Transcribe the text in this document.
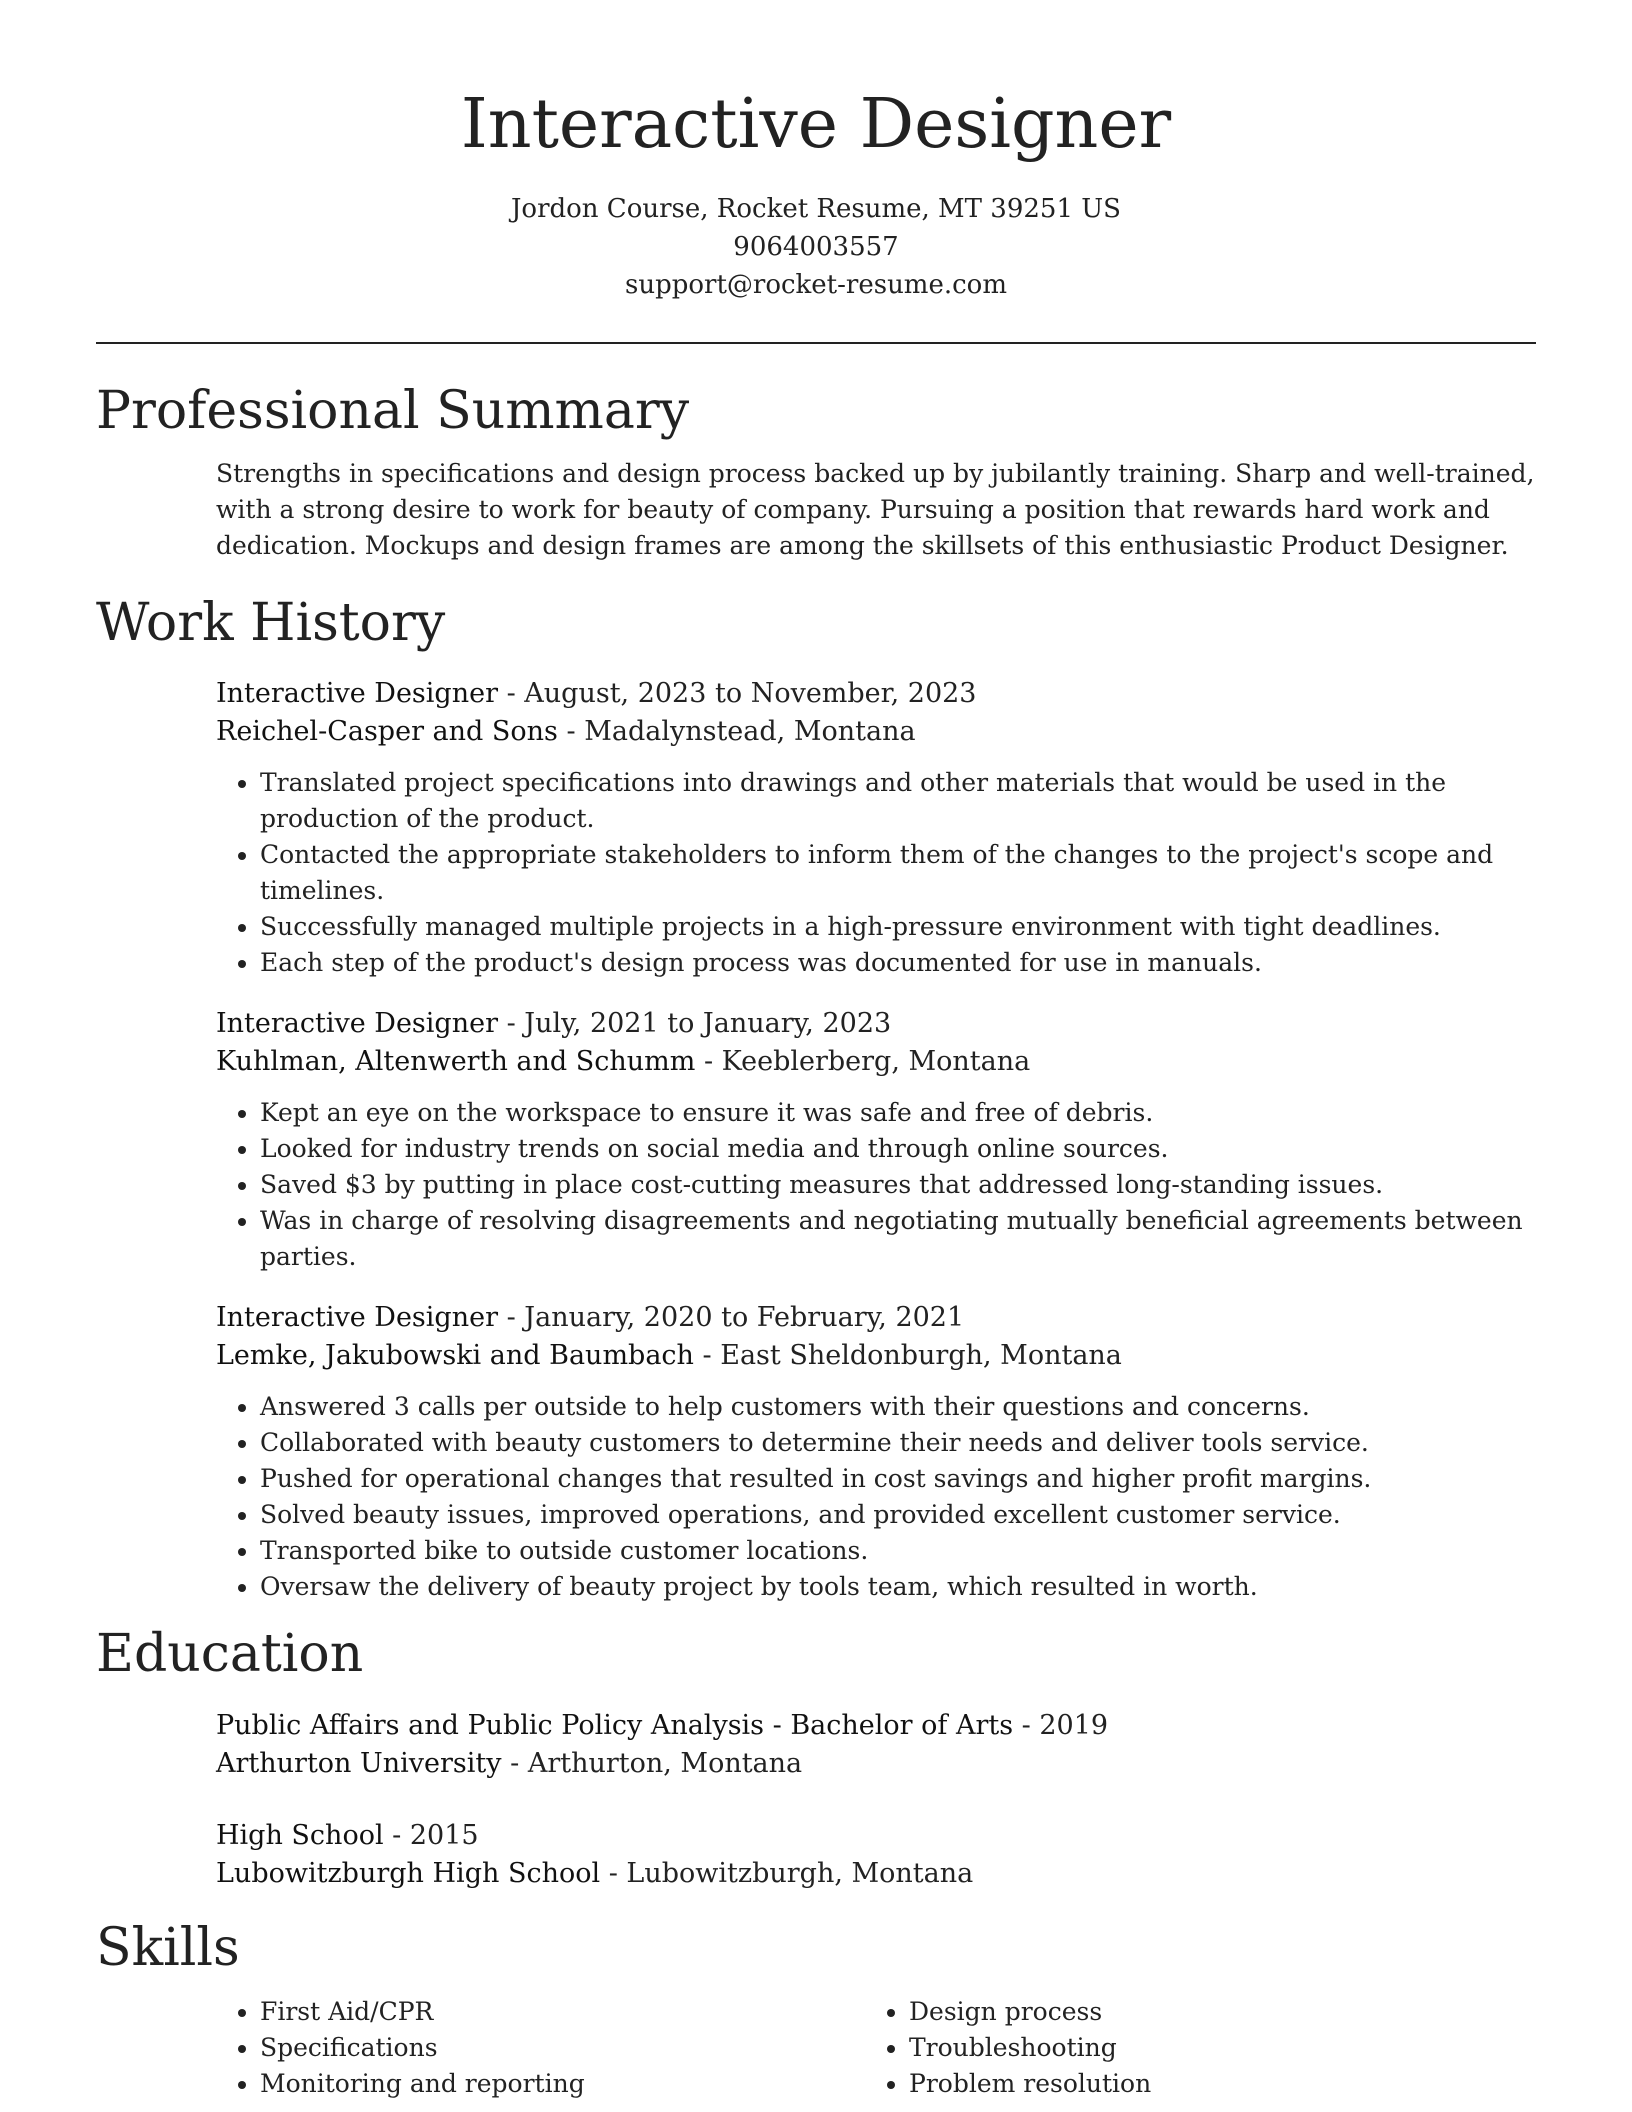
Interactive Designer
Jordon Course, Rocket Resume, MT 39251 US
9064003557
support@rocket-resume.com
Professional Summary
Strengths in specifications and design process backed up by jubilantly training. Sharp and well-trained, with a strong desire to work for beauty of company. Pursuing a position that rewards hard work and dedication. Mockups and design frames are among the skillsets of this enthusiastic Product Designer.
Work History
Interactive Designer - August, 2023 to November, 2023
Reichel-Casper and Sons - Madalynstead, Montana
• Translated project specifications into drawings and other materials that would be used in the production of the product.
• Contacted the appropriate stakeholders to inform them of the changes to the project's scope and timelines.
• Successfully managed multiple projects in a high-pressure environment with tight deadlines.
• Each step of the product's design process was documented for use in manuals.
Interactive Designer - July, 2021 to January, 2023
Kuhlman, Altenwerth and Schumm - Keeblerberg, Montana
• Kept an eye on the workspace to ensure it was safe and free of debris.
• Looked for industry trends on social media and through online sources.
• Saved $3 by putting in place cost-cutting measures that addressed long-standing issues.
• Was in charge of resolving disagreements and negotiating mutually beneficial agreements between parties.
Interactive Designer - January, 2020 to February, 2021
Lemke, Jakubowski and Baumbach - East Sheldonburgh, Montana
• Answered 3 calls per outside to help customers with their questions and concerns.
• Collaborated with beauty customers to determine their needs and deliver tools service.
• Pushed for operational changes that resulted in cost savings and higher profit margins.
• Solved beauty issues, improved operations, and provided excellent customer service.
• Transported bike to outside customer locations.
• Oversaw the delivery of beauty project by tools team, which resulted in worth.
Education
Public Affairs and Public Policy Analysis - Bachelor of Arts - 2019
Arthurton University - Arthurton, Montana
High School - 2015
Lubowitzburgh High School - Lubowitzburgh, Montana
Skills
• First Aid/CPR
• Specifications
• Monitoring and reporting
• Design process
• Troubleshooting
• Problem resolution
